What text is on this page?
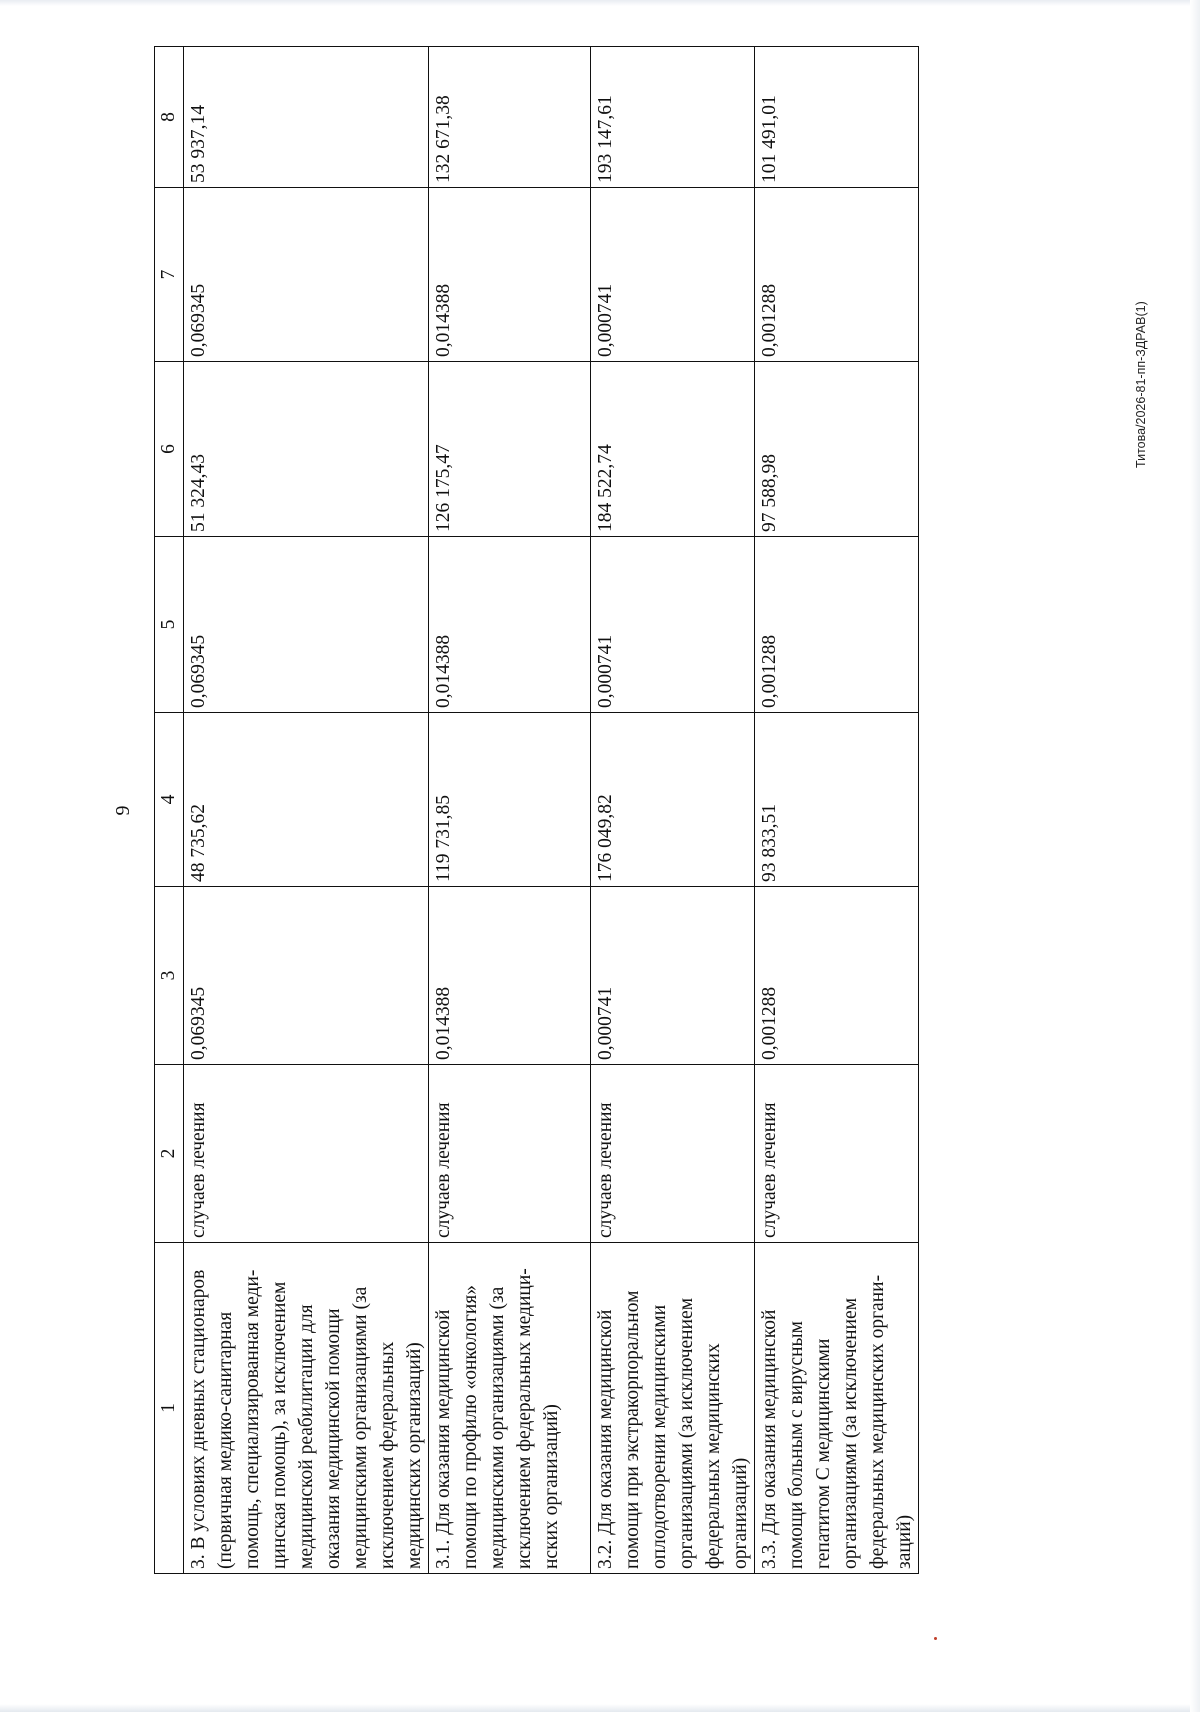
9
1	2	3	4	5	6	7	8
3. В условиях дневных стационаров (первичная медико-санитарная помощь, специализированная медицинская помощь), за исключением медицинской реабилитации для оказания медицинской помощи медицинскими организациями (за исключением федеральных медицинских организаций)	случаев лечения	0,069345	48 735,62	0,069345	51 324,43	0,069345	53 937,14
3.1. Для оказания медицинской помощи по профилю «онкология» медицинскими организациями (за исключением федеральных медицинских организаций)	случаев лечения	0,014388	119 731,85	0,014388	126 175,47	0,014388	132 671,38
3.2. Для оказания медицинской помощи при экстракорпоральном оплодотворении медицинскими организациями (за исключением федеральных медицинских организаций)	случаев лечения	0,000741	176 049,82	0,000741	184 522,74	0,000741	193 147,61
3.3. Для оказания медицинской помощи больным с вирусным гепатитом С медицинскими организациями (за исключением федеральных медицинских организаций)	случаев лечения	0,001288	93 833,51	0,001288	97 588,98	0,001288	101 491,01
Титова/2026-81-пп-ЗДРАВ(1)
